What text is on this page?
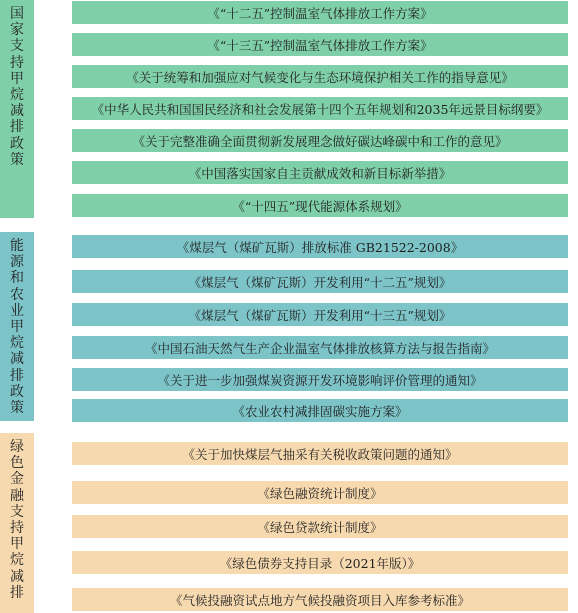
国
家
支
持
甲
烷
减
排
政
策
《“十二五”控制温室气体排放工作方案》
《“十三五”控制温室气体排放工作方案》
《关于统筹和加强应对气候变化与生态环境保护相关工作的指导意见》
《中华人民共和国国民经济和社会发展第十四个五年规划和2035年远景目标纲要》
《关于完整准确全面贯彻新发展理念做好碳达峰碳中和工作的意见》
《中国落实国家自主贡献成效和新目标新举措》
《“十四五”现代能源体系规划》
能
源
和
农
业
甲
烷
减
排
政
策
《煤层气（煤矿瓦斯）排放标准 GB21522-2008》
《煤层气（煤矿瓦斯）开发利用“十二五”规划》
《煤层气（煤矿瓦斯）开发利用“十三五”规划》
《中国石油天然气生产企业温室气体排放核算方法与报告指南》
《关于进一步加强煤炭资源开发环境影响评价管理的通知》
《农业农村减排固碳实施方案》
绿
色
金
融
支
持
甲
烷
减
排
《关于加快煤层气抽采有关税收政策问题的通知》
《绿色融资统计制度》
《绿色贷款统计制度》
《绿色债券支持目录（2021年版）》
《气候投融资试点地方气候投融资项目入库参考标准》
